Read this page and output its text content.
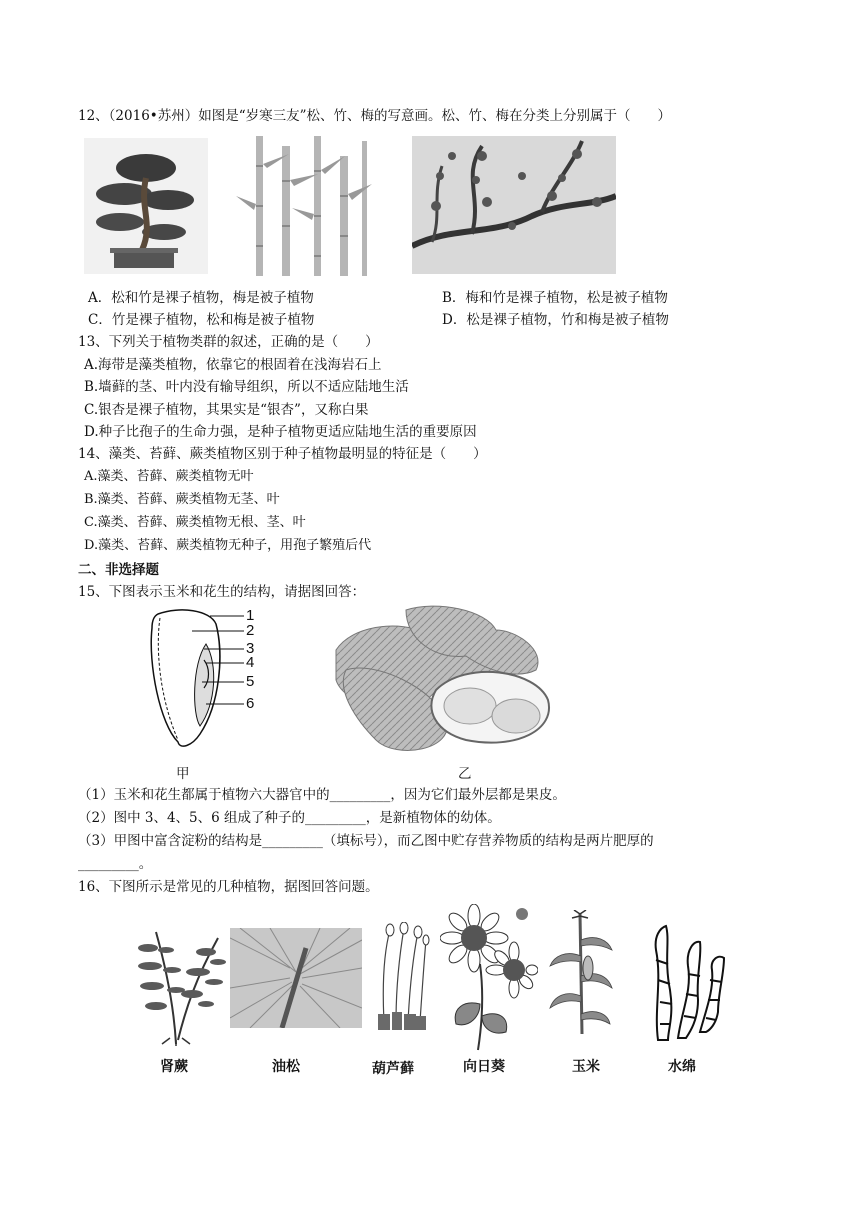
12、（2016•苏州）如图是“岁寒三友”松、竹、梅的写意画。松、竹、梅在分类上分别属于（　　）
A．松和竹是裸子植物，梅是被子植物	B．梅和竹是裸子植物，松是被子植物
C．竹是裸子植物，松和梅是被子植物	D．松是裸子植物，竹和梅是被子植物
13、下列关于植物类群的叙述，正确的是（　　）
A.海带是藻类植物，依靠它的根固着在浅海岩石上
B.墙藓的茎、叶内没有输导组织，所以不适应陆地生活
C.银杏是裸子植物，其果实是“银杏”，又称白果
D.种子比孢子的生命力强，是种子植物更适应陆地生活的重要原因
14、藻类、苔藓、蕨类植物区别于种子植物最明显的特征是（　　）
A.藻类、苔藓、蕨类植物无叶
B.藻类、苔藓、蕨类植物无茎、叶
C.藻类、苔藓、蕨类植物无根、茎、叶
D.藻类、苔藓、蕨类植物无种子，用孢子繁殖后代
二、非选择题
15、下图表示玉米和花生的结构，请据图回答：
1
2
3
4
5
6
甲	乙
（1）玉米和花生都属于植物六大器官中的_________，因为它们最外层都是果皮。
（2）图中 3、4、5、6 组成了种子的_________，是新植物体的幼体。
（3）甲图中富含淀粉的结构是_________（填标号），而乙图中贮存营养物质的结构是两片肥厚的
_________。
16、下图所示是常见的几种植物，据图回答问题。
肾蕨	油松	葫芦藓	向日葵	玉米	水绵
